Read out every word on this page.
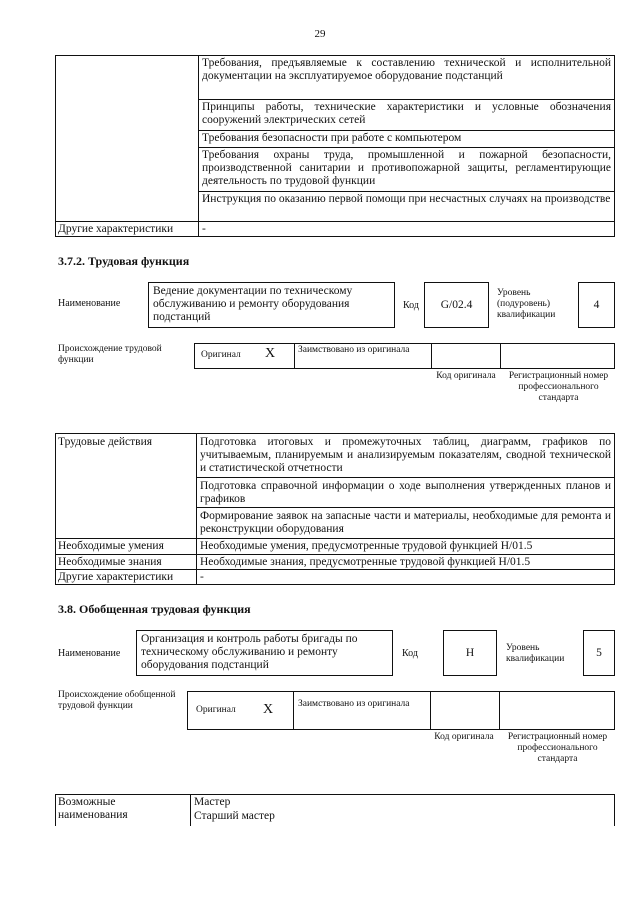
29
Требования, предъявляемые к составлению технической и исполнительной документации на эксплуатируемое оборудование подстанций
Принципы работы, технические характеристики и условные обозначения сооружений электрических сетей
Требования безопасности при работе с компьютером
Требования охраны труда, промышленной и пожарной безопасности, производственной санитарии и противопожарной защиты, регламентирующие деятельность по трудовой функции
Инструкция по оказанию первой помощи при несчастных случаях на производстве
Другие характеристики	-
3.7.2. Трудовая функция
Наименование
Ведение документации по техническому обслуживанию и ремонту оборудования подстанций
Код	G/02.4
Уровень (подуровень) квалификации
4
Происхождение трудовой функции	Оригинал X Заимствовано из оригинала
Код оригинала Регистрационный номер профессионального стандарта
Трудовые действия	Подготовка итоговых и промежуточных таблиц, диаграмм, графиков по учитываемым, планируемым и анализируемым показателям, сводной технической и статистической отчетности
Подготовка справочной информации о ходе выполнения утвержденных планов и графиков
Формирование заявок на запасные части и материалы, необходимые для ремонта и реконструкции оборудования
Необходимые умения	Необходимые умения, предусмотренные трудовой функцией H/01.5
Необходимые знания	Необходимые знания, предусмотренные трудовой функцией H/01.5
Другие характеристики	-
3.8. Обобщенная трудовая функция
Наименование
Организация и контроль работы бригады по техническому обслуживанию и ремонту оборудования подстанций
Код	H	Уровень квалификации	5
Происхождение обобщенной трудовой функции	Оригинал X	Заимствовано из оригинала
Код оригинала Регистрационный номер профессионального стандарта
Возможные наименования
Мастер
Старший мастер
